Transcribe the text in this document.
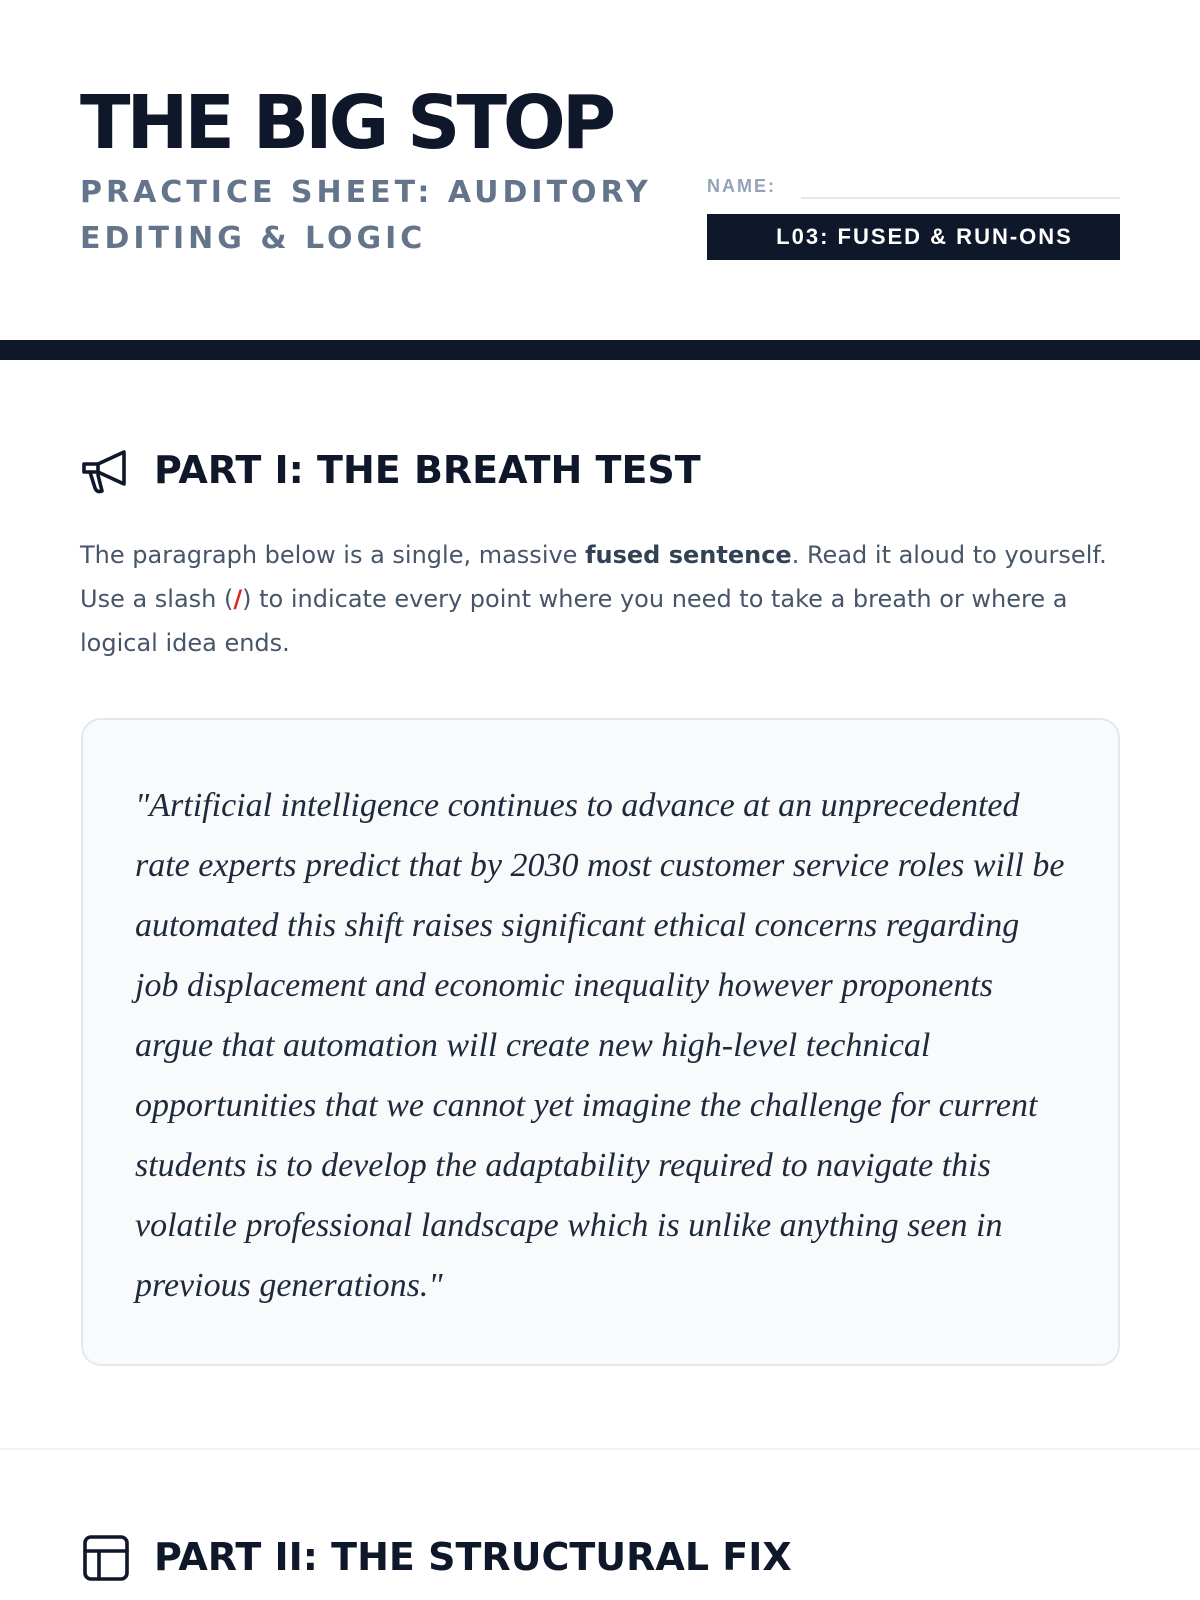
THE BIG STOP
PRACTICE SHEET: AUDITORY EDITING & LOGIC
NAME:
L03: FUSED & RUN-ONS
PART I: THE BREATH TEST

The paragraph below is a single, massive fused sentence. Read it aloud to yourself. Use a slash (/) to indicate every point where you need to take a breath or where a logical idea ends.

"Artificial intelligence continues to advance at an unprecedented rate experts predict that by 2030 most customer service roles will be automated this shift raises significant ethical concerns regarding job displacement and economic inequality however proponents argue that automation will create new high-level technical opportunities that we cannot yet imagine the challenge for current students is to develop the adaptability required to navigate this volatile professional landscape which is unlike anything seen in previous generations."

PART II: THE STRUCTURAL FIX
